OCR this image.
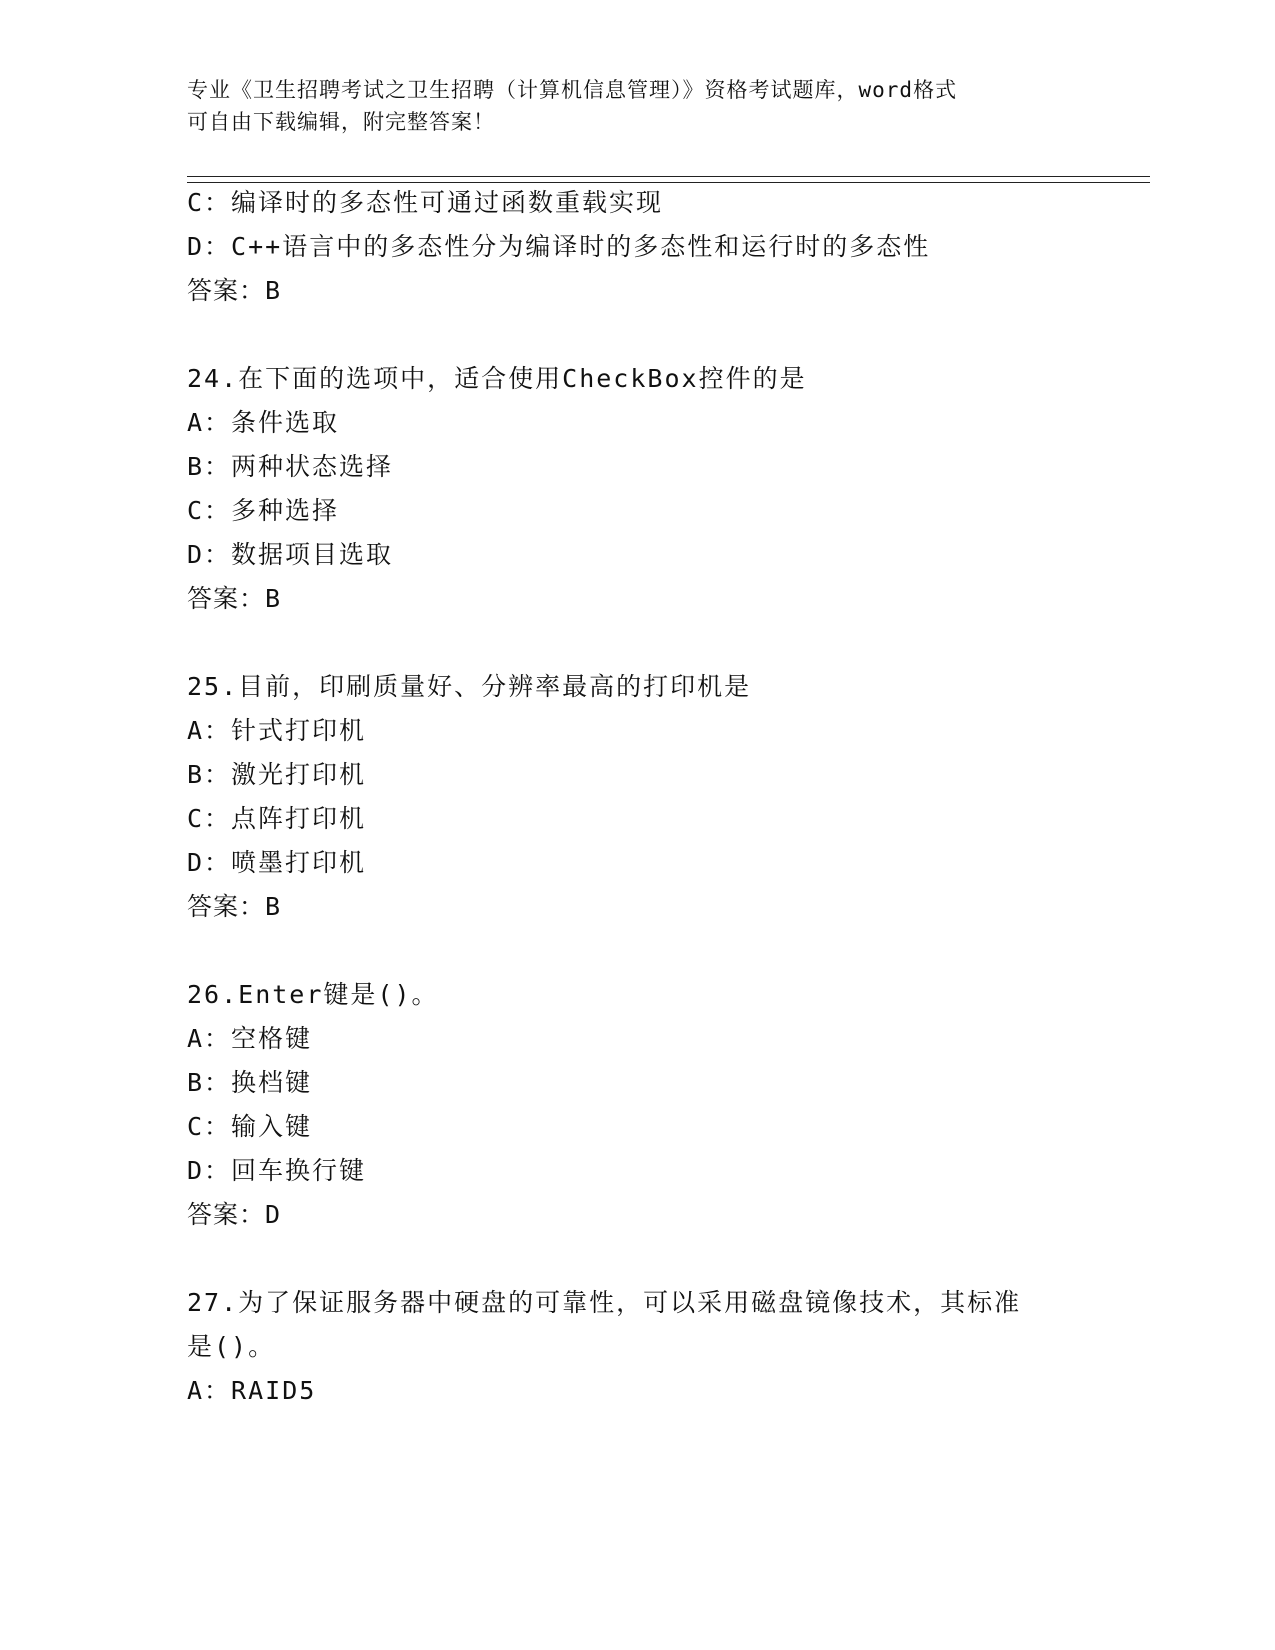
专业《卫生招聘考试之卫生招聘（计算机信息管理）》资格考试题库，word格式
可自由下载编辑，附完整答案！
C：编译时的多态性可通过函数重载实现
D：C++语言中的多态性分为编译时的多态性和运行时的多态性
答案：B
24.在下面的选项中，适合使用CheckBox控件的是
A：条件选取
B：两种状态选择
C：多种选择
D：数据项目选取
答案：B
25.目前，印刷质量好、分辨率最高的打印机是
A：针式打印机
B：激光打印机
C：点阵打印机
D：喷墨打印机
答案：B
26.Enter键是()。
A：空格键
B：换档键
C：输入键
D：回车换行键
答案：D
27.为了保证服务器中硬盘的可靠性，可以采用磁盘镜像技术，其标准
是()。
A：RAID5
